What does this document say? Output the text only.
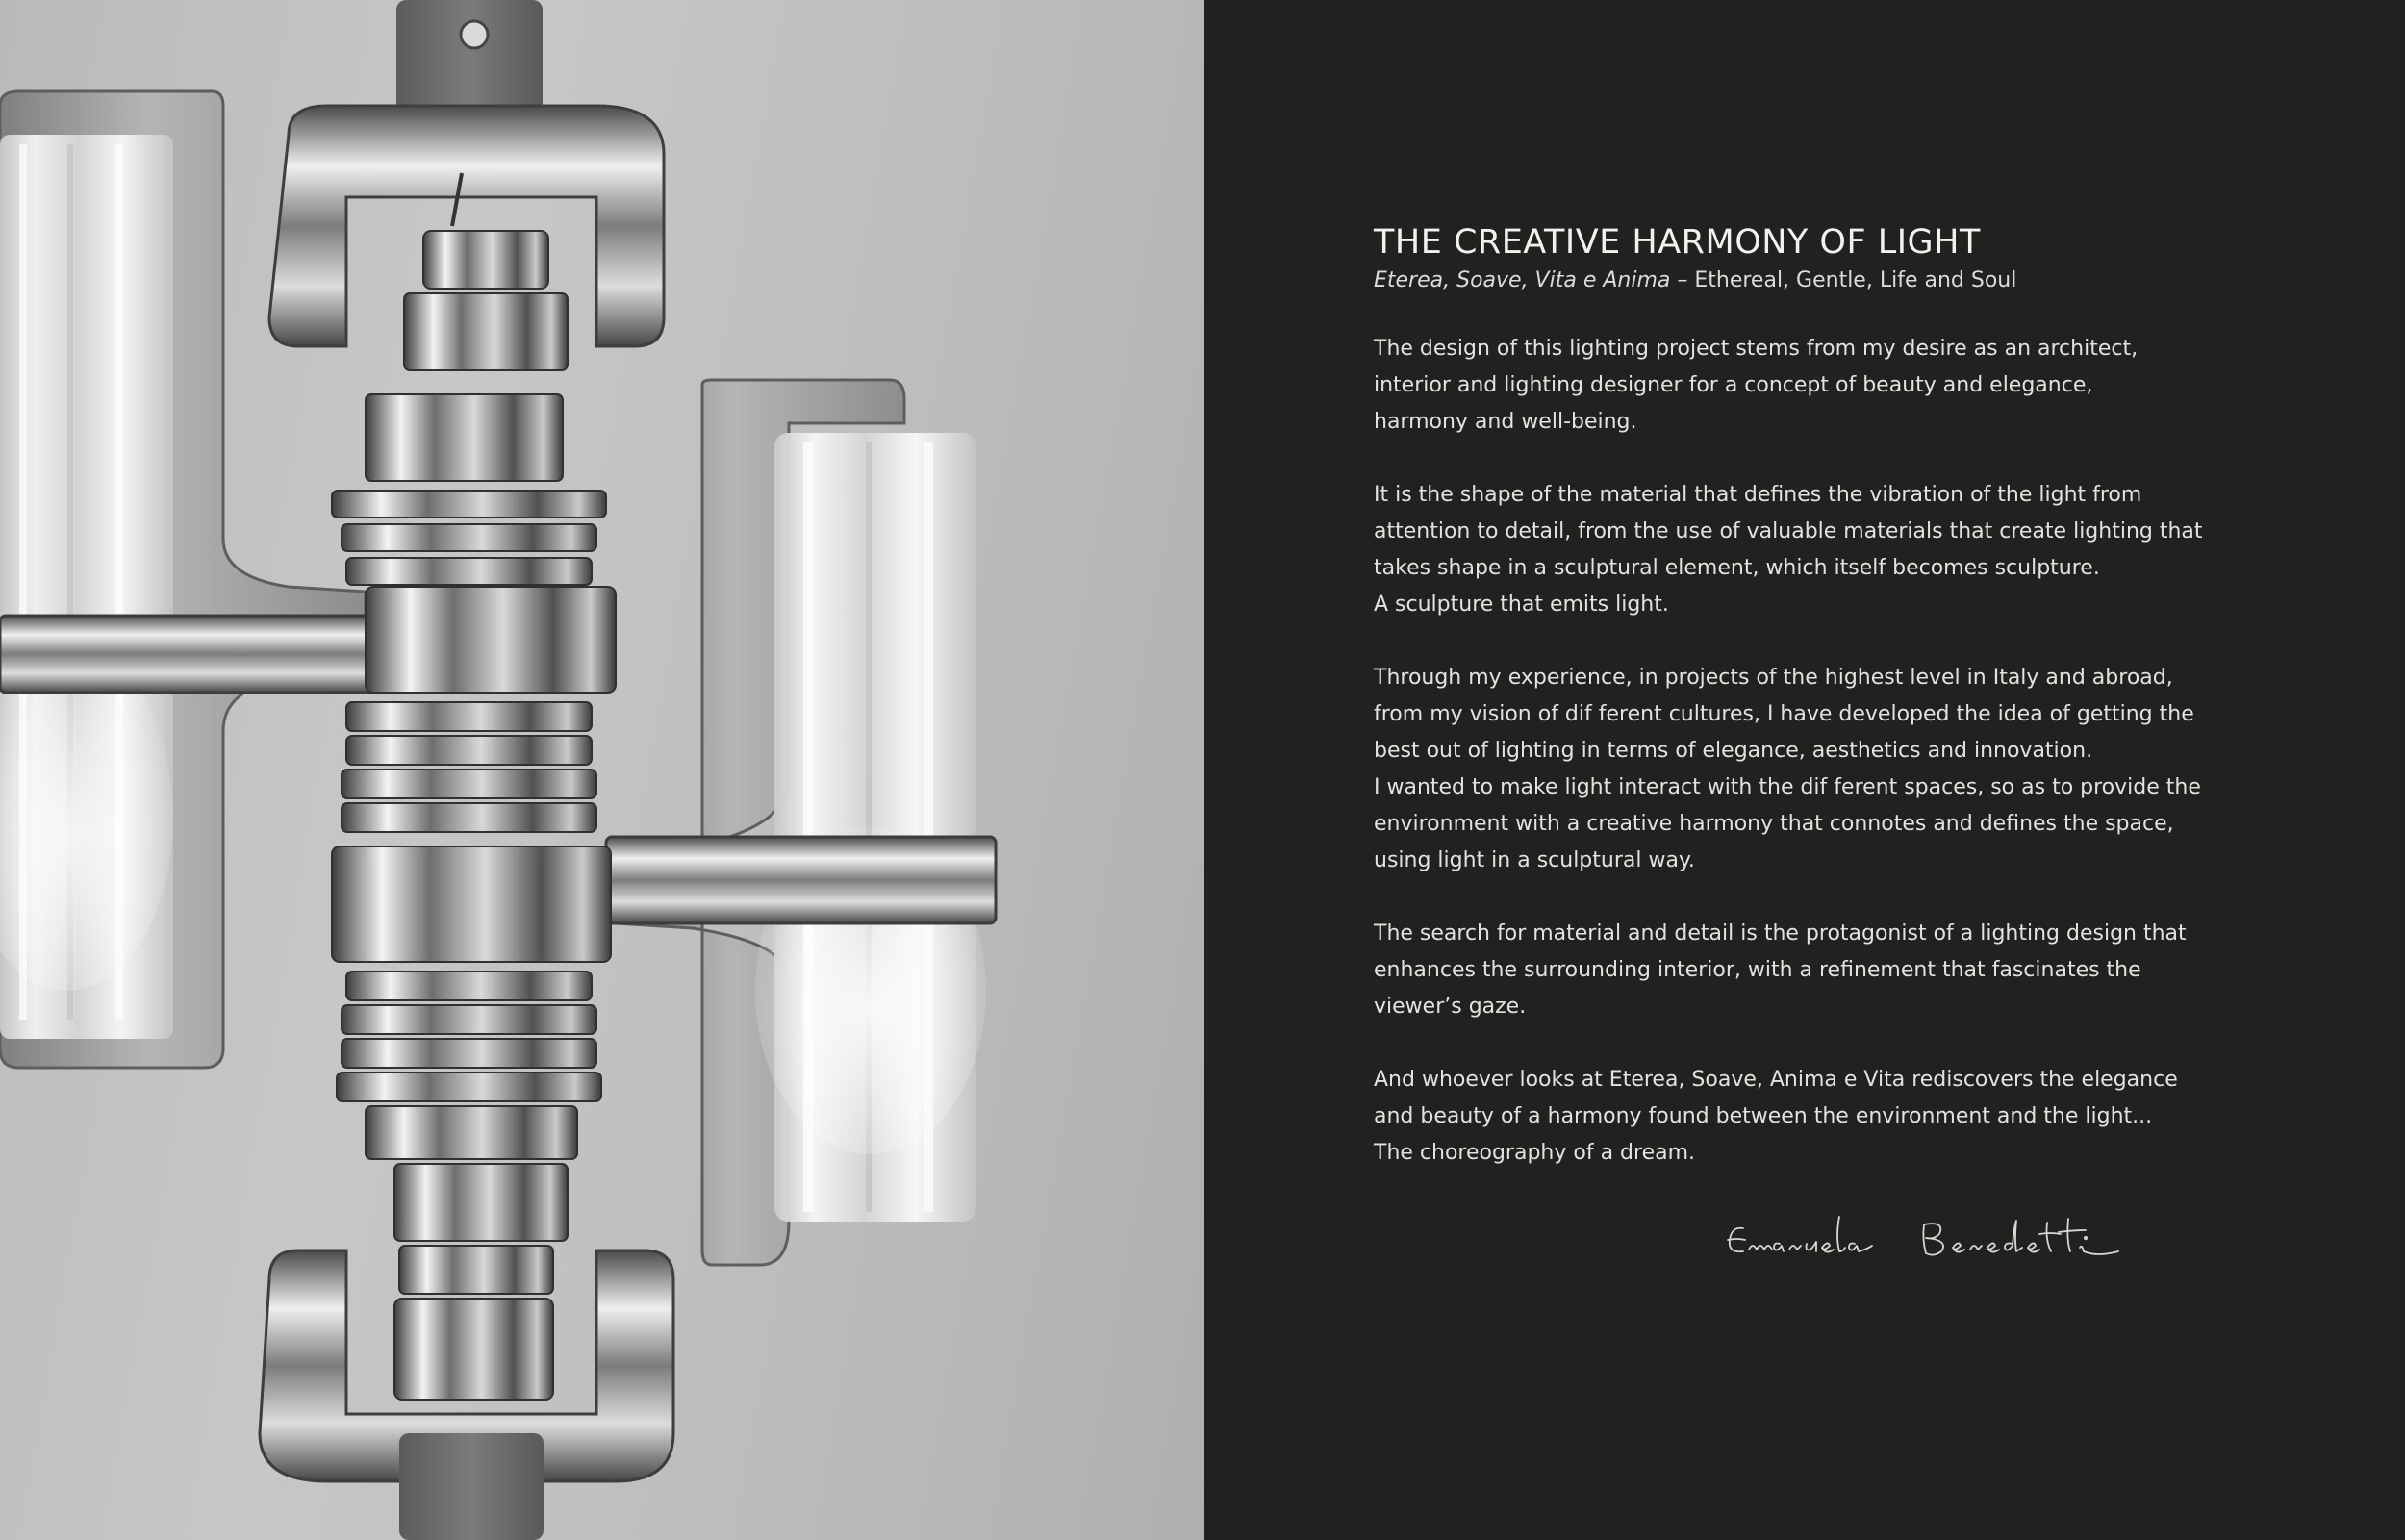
THE CREATIVE HARMONY OF LIGHT

Eterea, Soave, Vita e Anima – Ethereal, Gentle, Life and Soul

The design of this lighting project stems from my desire as an architect,
interior and lighting designer for a concept of beauty and elegance,
harmony and well-being.

It is the shape of the material that defines the vibration of the light from
attention to detail, from the use of valuable materials that create lighting that
takes shape in a sculptural element, which itself becomes sculpture.
A sculpture that emits light.

Through my experience, in projects of the highest level in Italy and abroad,
from my vision of dif ferent cultures, I have developed the idea of getting the
best out of lighting in terms of elegance, aesthetics and innovation.
I wanted to make light interact with the dif ferent spaces, so as to provide the
environment with a creative harmony that connotes and defines the space,
using light in a sculptural way.

The search for material and detail is the protagonist of a lighting design that
enhances the surrounding interior, with a refinement that fascinates the
viewer’s gaze.

And whoever looks at Eterea, Soave, Anima e Vita rediscovers the elegance
and beauty of a harmony found between the environment and the light...
The choreography of a dream.
